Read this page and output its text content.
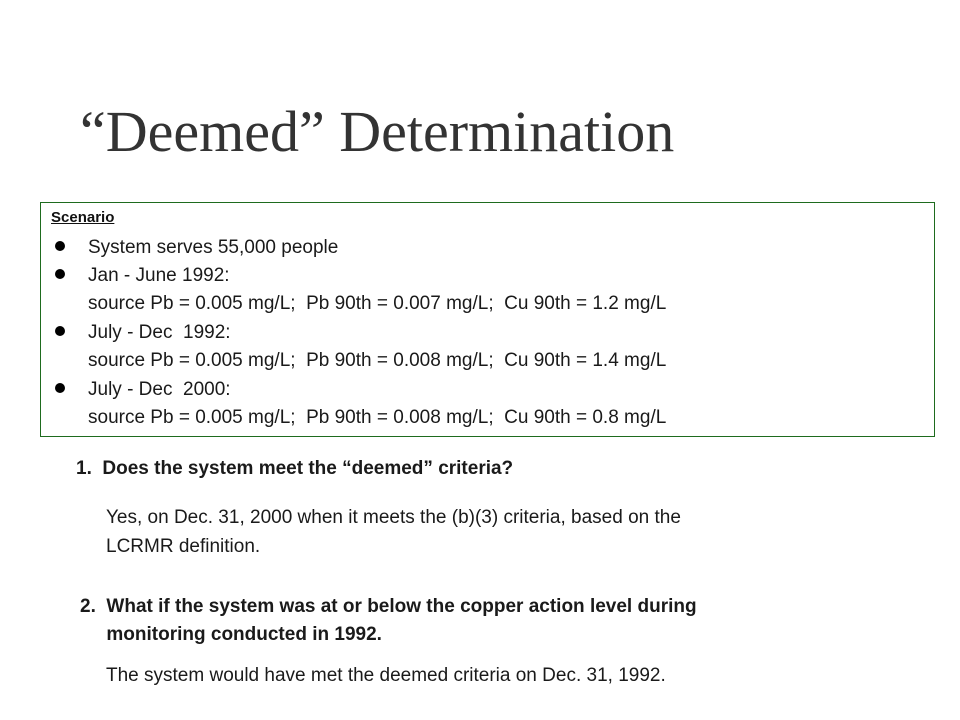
“Deemed” Determination
Scenario
System serves 55,000 people
Jan - June 1992:
source Pb = 0.005 mg/L;  Pb 90th = 0.007 mg/L;  Cu 90th = 1.2 mg/L
July - Dec  1992:
source Pb = 0.005 mg/L;  Pb 90th = 0.008 mg/L;  Cu 90th = 1.4 mg/L
July - Dec  2000:
source Pb = 0.005 mg/L;  Pb 90th = 0.008 mg/L;  Cu 90th = 0.8 mg/L
1.  Does the system meet the “deemed” criteria?
Yes, on Dec. 31, 2000 when it meets the (b)(3) criteria, based on the
LCRMR definition.
2.  What if the system was at or below the copper action level during
monitoring conducted in 1992.
The system would have met the deemed criteria on Dec. 31, 1992.
